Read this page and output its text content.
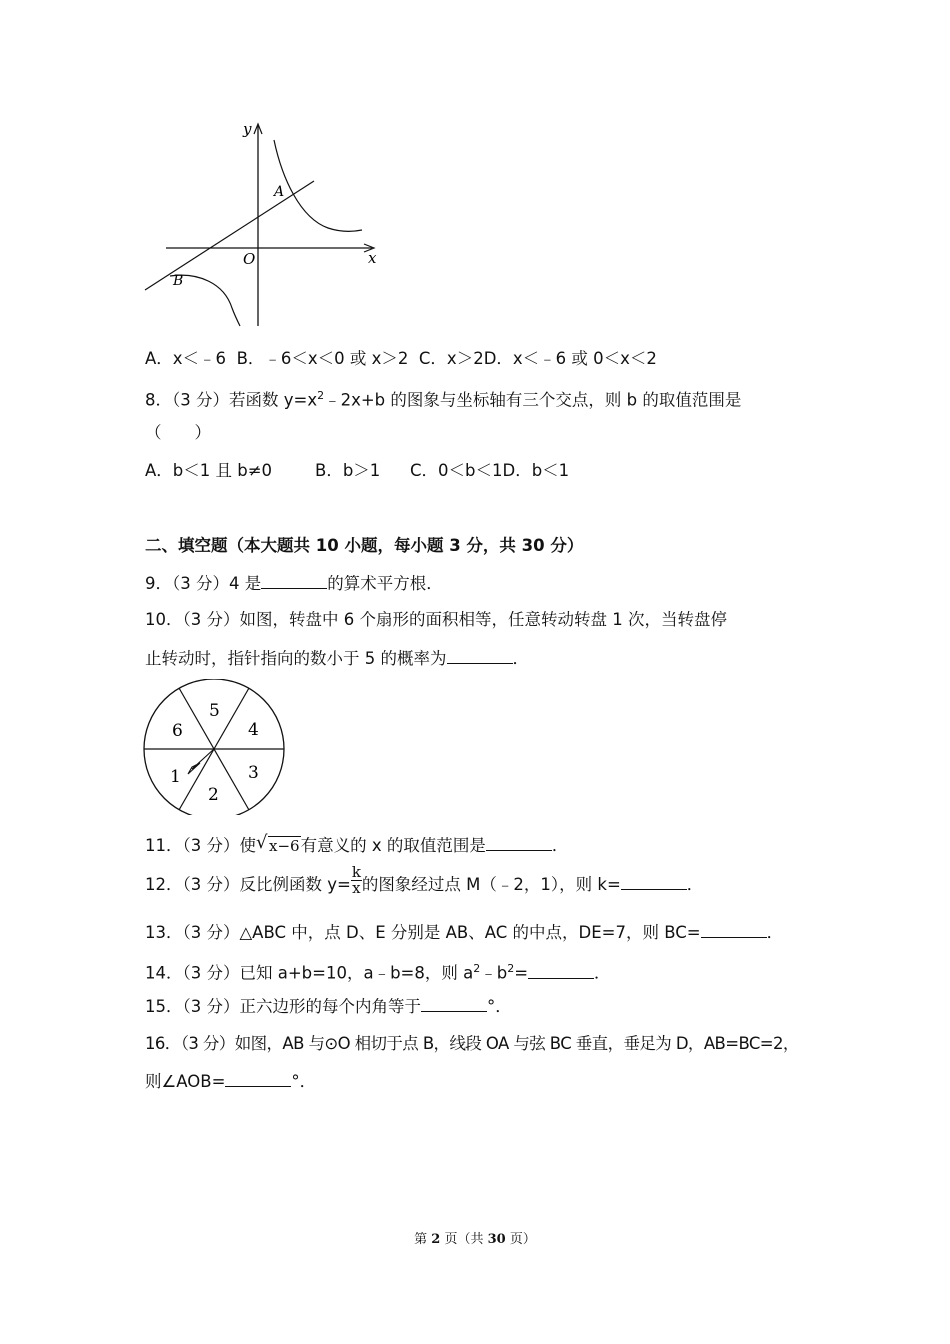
y
x
O
A
B
A．x＜﹣6 B．﹣6＜x＜0 或 x＞2 C．x＞2D．x＜﹣6 或 0＜x＜2
8．（3 分）若函数 $y=x^2﹣2x+b$ 的图象与坐标轴有三个交点，则 b 的取值范围是
（　　）
A．b＜1 且 b≠0	B．b＞1 C．0＜b＜1D．b＜1
二、填空题（本大题共 10 小题，每小题 3 分，共 30 分）
9．（3 分）4 是	的算术平方根．
10．（3 分）如图，转盘中 6 个扇形的面积相等，任意转动转盘 1 次，当转盘停
止转动时，指针指向的数小于 5 的概率为	．
5
4
3
2
1
6
11．（3 分）使 √ x−6有意义的 x 的取值范围是	．
12．（3 分）反比例函数 $y= \frac{k}{x}$ 的图象经过点 M（﹣2，1），则 k=	．
13．（3 分）△ABC 中，点 D、E 分别是 AB、AC 的中点，DE=7，则 BC=	．
14．（3 分）已知 a+b=10，a﹣b=8，则 $a^2﹣b^2=$	．
15．（3 分）正六边形的每个内角等于	°．
16．（3 分）如图，AB 与⊙O 相切于点 B，线段 OA 与弦 BC 垂直，垂足为 D，AB=BC=2，
则∠AOB=	°．
第 2 页（共 30 页）
